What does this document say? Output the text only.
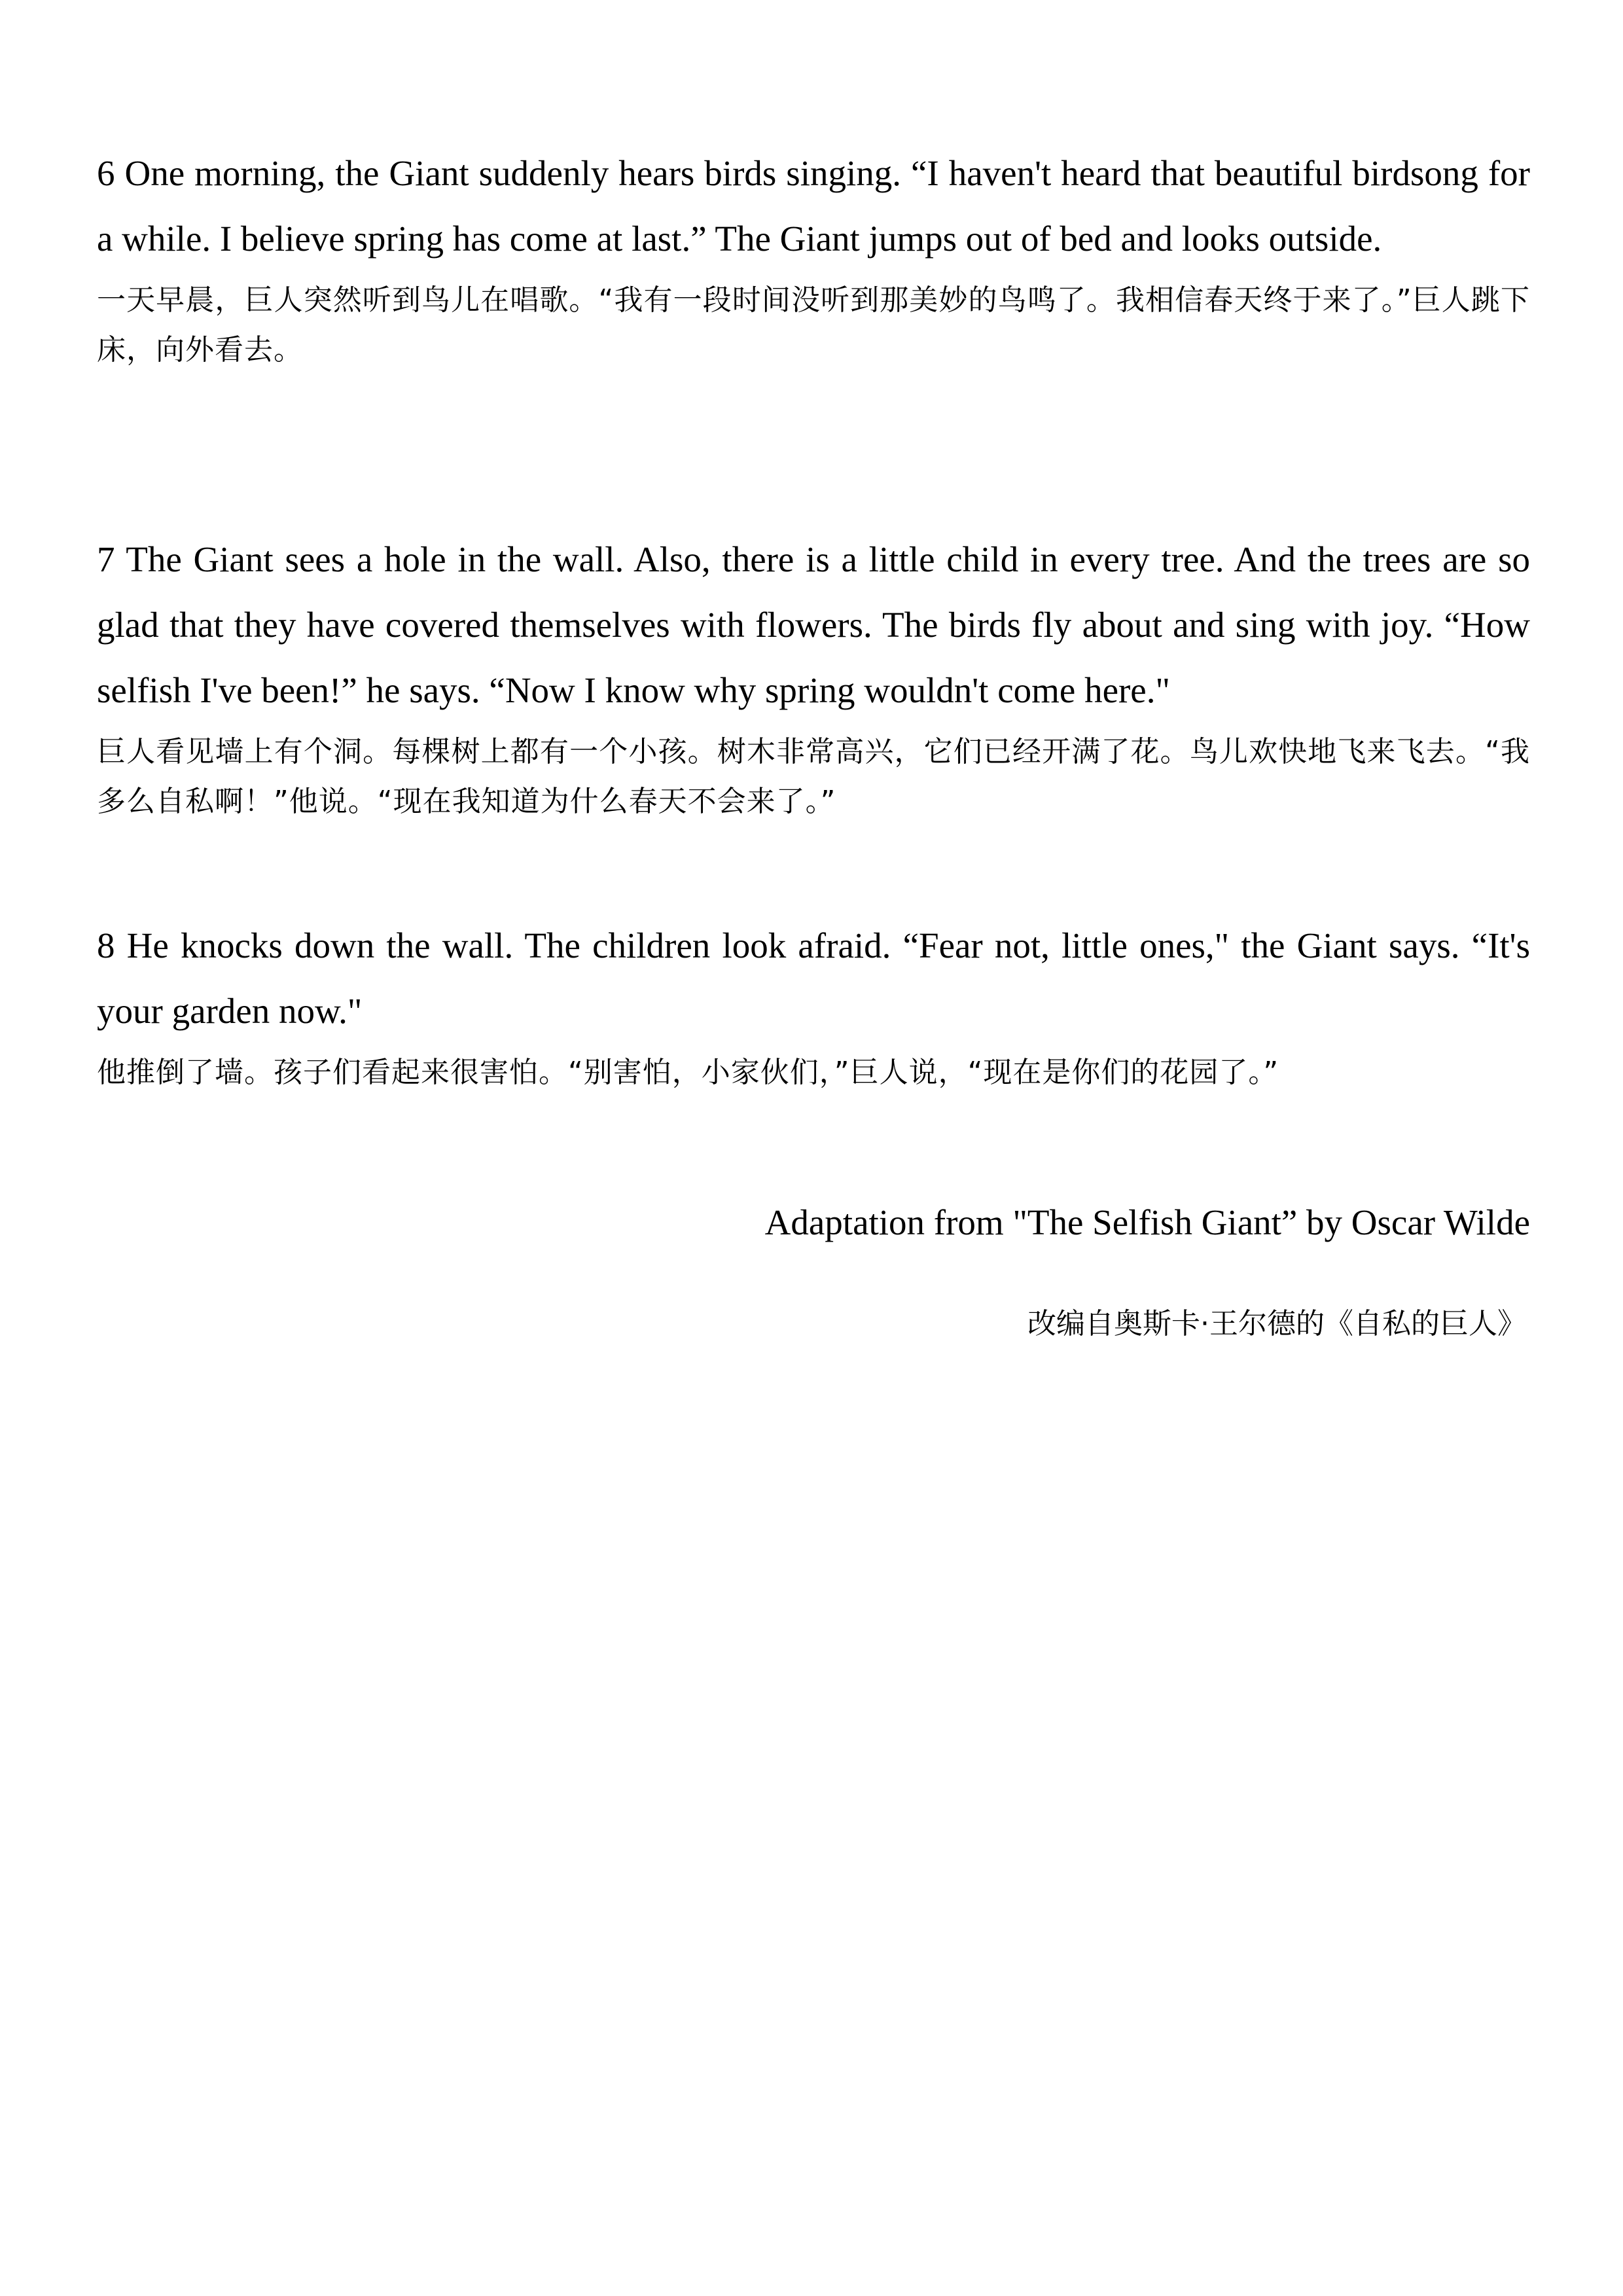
6 One morning, the Giant suddenly hears birds singing. “I haven't heard that beautiful birdsong for a while. I believe spring has come at last.” The Giant jumps out of bed and looks outside.

一天早晨，巨人突然听到鸟儿在唱歌。“我有一段时间没听到那美妙的鸟鸣了。我相信春天终于来了。”巨人跳下床，向外看去。

7 The Giant sees a hole in the wall. Also, there is a little child in every tree. And the trees are so glad that they have covered themselves with flowers. The birds fly about and sing with joy. “How selfish I've been!” he says. “Now I know why spring wouldn't come here."

巨人看见墙上有个洞。每棵树上都有一个小孩。树木非常高兴，它们已经开满了花。鸟儿欢快地飞来飞去。“我多么自私啊！”他说。“现在我知道为什么春天不会来了。”

8 He knocks down the wall. The children look afraid. “Fear not, little ones," the Giant says. “It's your garden now."

他推倒了墙。孩子们看起来很害怕。“别害怕，小家伙们，”巨人说，“现在是你们的花园了。”

Adaptation from "The Selfish Giant” by Oscar Wilde
改编自奥斯卡·王尔德的《自私的巨人》
